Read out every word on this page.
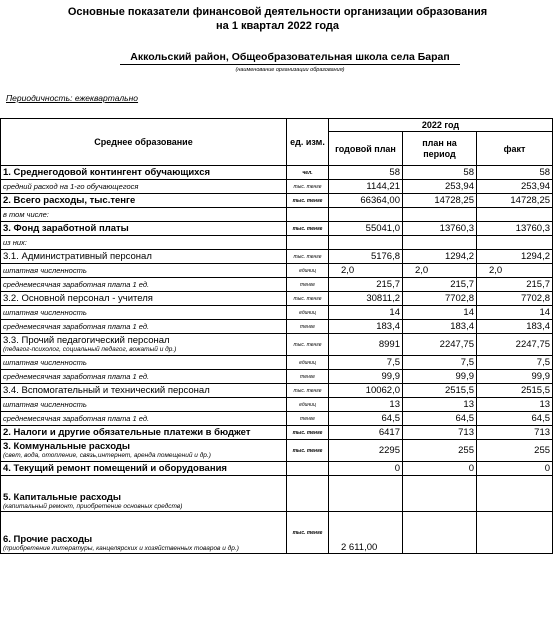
Основные показатели финансовой деятельности организации образования
на 1 квартал 2022 года
Аккольский район, Общеобразовательная школа села Барап
(наименование организации образования)
Периодичность: ежеквартально
Среднее образование	ед. изм.	2022 год		
		годовой план	план на период	факт
1. Среднегодовой контингент обучающихся	чел.	58	58	58
средний расход на 1-го обучающегося	тыс. тенге	1144,21	253,94	253,94
2. Всего расходы, тыс.тенге	тыс. тенге	66364,00	14728,25	14728,25
в том числе:				
3. Фонд заработной платы	тыс. тенге	55041,0	13760,3	13760,3
из них:				
3.1. Административный персонал	тыс. тенге	5176,8	1294,2	1294,2
штатная численность	единиц	2,0	2,0	2,0
среднемесячная заработная плата 1 ед.	тенге	215,7	215,7	215,7
3.2. Основной персонал - учителя	тыс. тенге	30811,2	7702,8	7702,8
штатная численность	единиц	14	14	14
среднемесячная заработная плата 1 ед.	тенге	183,4	183,4	183,4
3.3. Прочий педагогический персонал
(педагог-психолог, социальный педагог, вожатый и др.)	тыс. тенге	8991	2247,75	2247,75
штатная численность	единиц	7,5	7,5	7,5
среднемесячная заработная плата 1 ед.	тенге	99,9	99,9	99,9
3.4. Вспомогательный и технический персонал	тыс. тенге	10062,0	2515,5	2515,5
штатная численность	единиц	13	13	13
среднемесячная заработная плата 1 ед.	тенге	64,5	64,5	64,5
2. Налоги и другие обязательные платежи в бюджет	тыс. тенге	6417	713	713
3. Коммунальные расходы
(свет, вода, отопление, связь,интернет, аренда помещений и др.)	тыс. тенге	2295	255	255
4. Текущий ремонт помещений и оборудования		0	0	0
5. Капитальные расходы
(капитальный ремонт, приобретение основных средств)				

6. Прочие расходы
(приобретение литературы, канцелярских и хозяйственных товаров и др.)	тыс. тенге	2 611,00		
